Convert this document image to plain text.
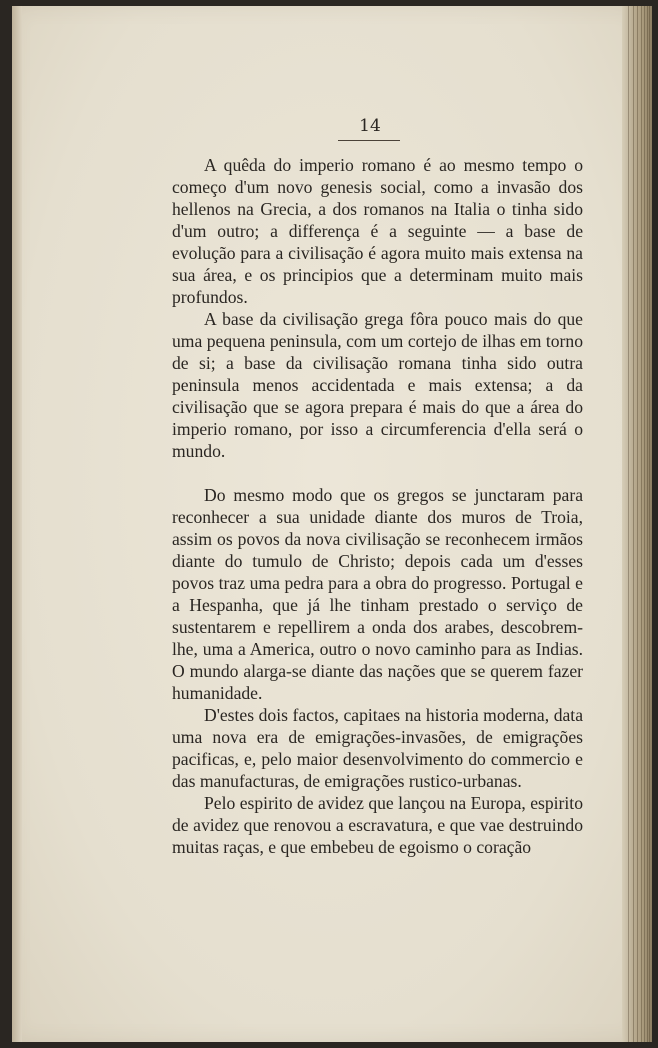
14

A quêda do imperio romano é ao mesmo tempo o começo d'um novo genesis social, como a invasão dos hellenos na Grecia, a dos romanos na Italia o tinha sido d'um outro; a differença é a seguinte — a base de evolução para a civilisação é agora muito mais extensa na sua área, e os principios que a determinam muito mais profundos.

A base da civilisação grega fôra pouco mais do que uma pequena peninsula, com um cortejo de ilhas em torno de si; a base da civilisação romana tinha sido outra peninsula menos accidentada e mais extensa; a da civilisação que se agora prepara é mais do que a área do imperio romano, por isso a circumferencia d'ella será o mundo.

Do mesmo modo que os gregos se junctaram para reconhecer a sua unidade diante dos muros de Troia, assim os povos da nova civilisação se reconhecem irmãos diante do tumulo de Christo; depois cada um d'esses povos traz uma pedra para a obra do progresso. Portugal e a Hespanha, que já lhe tinham prestado o serviço de sustentarem e repellirem a onda dos arabes, descobrem-lhe, uma a America, outro o novo caminho para as Indias. O mundo alarga-se diante das nações que se querem fazer humanidade.

D'estes dois factos, capitaes na historia moderna, data uma nova era de emigrações-invasões, de emigrações pacificas, e, pelo maior desenvolvimento do commercio e das manufacturas, de emigrações rustico-urbanas.

Pelo espirito de avidez que lançou na Europa, espirito de avidez que renovou a escravatura, e que vae destruindo muitas raças, e que embebeu de egoismo o coração
